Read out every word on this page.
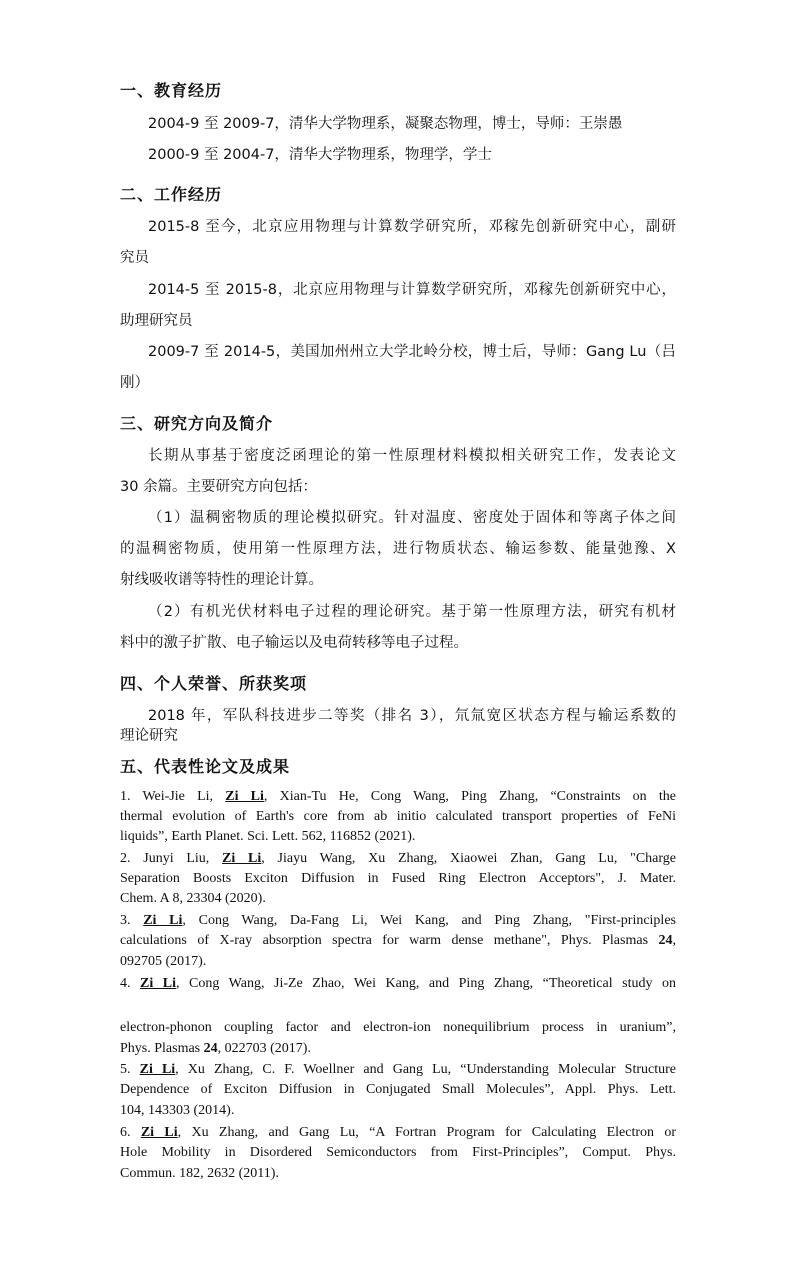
一、教育经历
2004-9 至 2009-7，清华大学物理系，凝聚态物理，博士，导师：王崇愚
2000-9 至 2004-7，清华大学物理系，物理学，学士
二、工作经历
2015-8 至今，北京应用物理与计算数学研究所，邓稼先创新研究中心，副研
究员
2014-5 至 2015-8，北京应用物理与计算数学研究所，邓稼先创新研究中心，
助理研究员
2009-7 至 2014-5，美国加州州立大学北岭分校，博士后，导师：Gang Lu（吕
刚）
三、研究方向及简介
长期从事基于密度泛函理论的第一性原理材料模拟相关研究工作，发表论文
30 余篇。主要研究方向包括：
（1）温稠密物质的理论模拟研究。针对温度、密度处于固体和等离子体之间
的温稠密物质，使用第一性原理方法，进行物质状态、输运参数、能量弛豫、X
射线吸收谱等特性的理论计算。
（2）有机光伏材料电子过程的理论研究。基于第一性原理方法，研究有机材
料中的激子扩散、电子输运以及电荷转移等电子过程。
四、个人荣誉、所获奖项
2018 年，军队科技进步二等奖（排名 3），氘氚宽区状态方程与输运系数的
理论研究
五、代表性论文及成果
1. Wei-Jie Li, Zi Li, Xian-Tu He, Cong Wang, Ping Zhang, “Constraints on the
thermal evolution of Earth's core from ab initio calculated transport properties of FeNi
liquids”, Earth Planet. Sci. Lett. 562, 116852 (2021).
2. Junyi Liu, Zi Li, Jiayu Wang, Xu Zhang, Xiaowei Zhan, Gang Lu, "Charge
Separation Boosts Exciton Diffusion in Fused Ring Electron Acceptors", J. Mater.
Chem. A 8, 23304 (2020).
3. Zi Li, Cong Wang, Da-Fang Li, Wei Kang, and Ping Zhang, "First-principles
calculations of X-ray absorption spectra for warm dense methane", Phys. Plasmas 24,
092705 (2017).
4. Zi Li, Cong Wang, Ji-Ze Zhao, Wei Kang, and Ping Zhang, “Theoretical study on
electron-phonon coupling factor and electron-ion nonequilibrium process in uranium”,
Phys. Plasmas 24, 022703 (2017).
5. Zi Li, Xu Zhang, C. F. Woellner and Gang Lu, “Understanding Molecular Structure
Dependence of Exciton Diffusion in Conjugated Small Molecules”, Appl. Phys. Lett.
104, 143303 (2014).
6. Zi Li, Xu Zhang, and Gang Lu, “A Fortran Program for Calculating Electron or
Hole Mobility in Disordered Semiconductors from First-Principles”, Comput. Phys.
Commun. 182, 2632 (2011).
